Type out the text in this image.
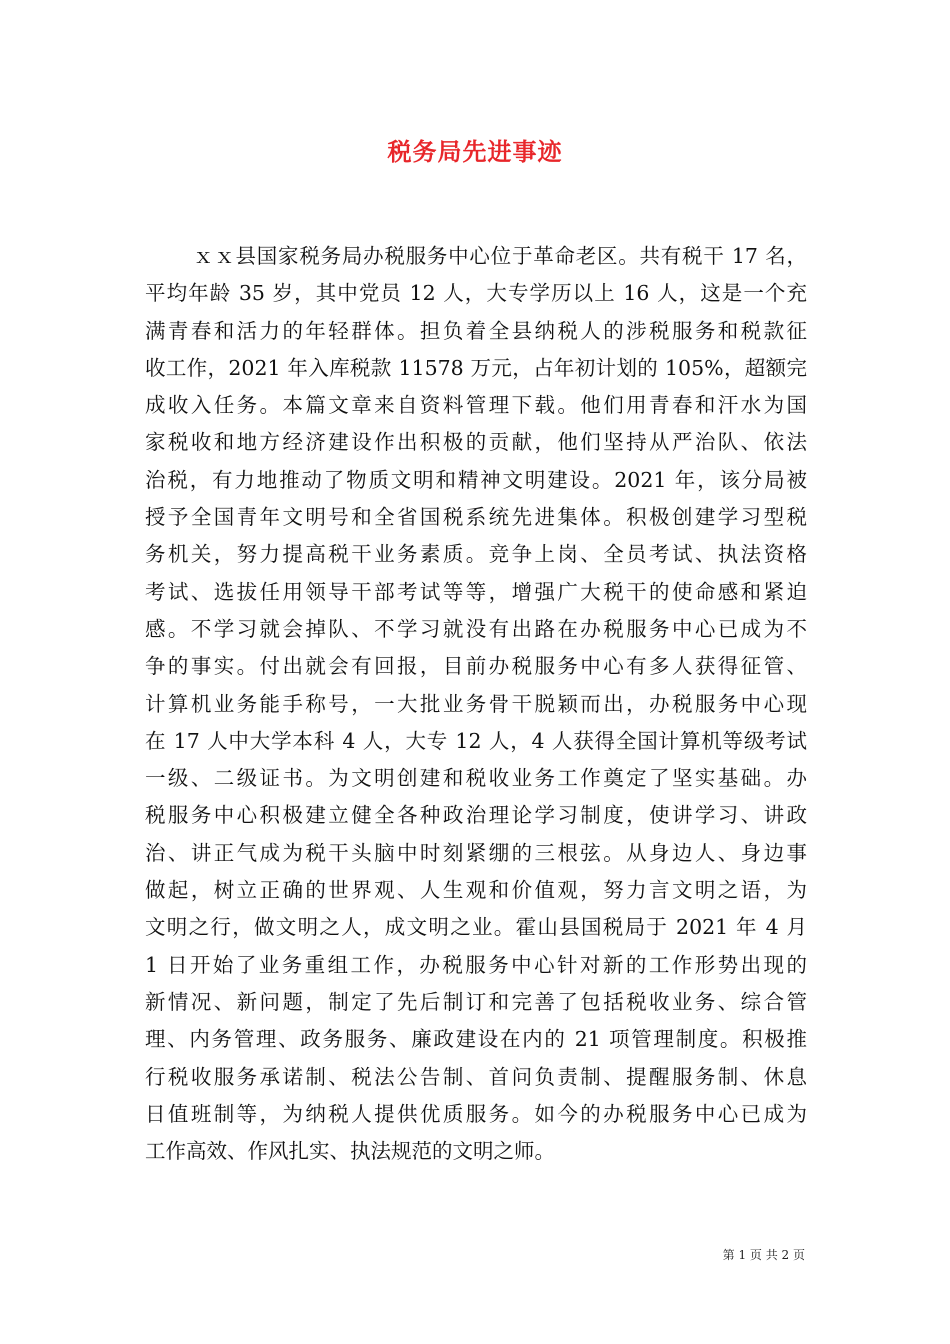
税务局先进事迹
ｘｘ县国家税务局办税服务中心位于革命老区。共有税干 17 名，
平均年龄 35 岁，其中党员 12 人，大专学历以上 16 人，这是一个充
满青春和活力的年轻群体。担负着全县纳税人的涉税服务和税款征
收工作，2021 年入库税款 11578 万元，占年初计划的 105%，超额完
成收入任务。本篇文章来自资料管理下载。他们用青春和汗水为国
家税收和地方经济建设作出积极的贡献，他们坚持从严治队、依法
治税，有力地推动了物质文明和精神文明建设。2021 年，该分局被
授予全国青年文明号和全省国税系统先进集体。积极创建学习型税
务机关，努力提高税干业务素质。竞争上岗、全员考试、执法资格
考试、选拔任用领导干部考试等等，增强广大税干的使命感和紧迫
感。不学习就会掉队、不学习就没有出路在办税服务中心已成为不
争的事实。付出就会有回报，目前办税服务中心有多人获得征管、
计算机业务能手称号，一大批业务骨干脱颖而出，办税服务中心现
在 17 人中大学本科 4 人，大专 12 人，4 人获得全国计算机等级考试
一级、二级证书。为文明创建和税收业务工作奠定了坚实基础。办
税服务中心积极建立健全各种政治理论学习制度，使讲学习、讲政
治、讲正气成为税干头脑中时刻紧绷的三根弦。从身边人、身边事
做起，树立正确的世界观、人生观和价值观，努力言文明之语，为
文明之行，做文明之人，成文明之业。霍山县国税局于 2021 年 4 月
1 日开始了业务重组工作，办税服务中心针对新的工作形势出现的
新情况、新问题，制定了先后制订和完善了包括税收业务、综合管
理、内务管理、政务服务、廉政建设在内的 21 项管理制度。积极推
行税收服务承诺制、税法公告制、首问负责制、提醒服务制、休息
日值班制等，为纳税人提供优质服务。如今的办税服务中心已成为
工作高效、作风扎实、执法规范的文明之师。
第 1 页 共 2 页
